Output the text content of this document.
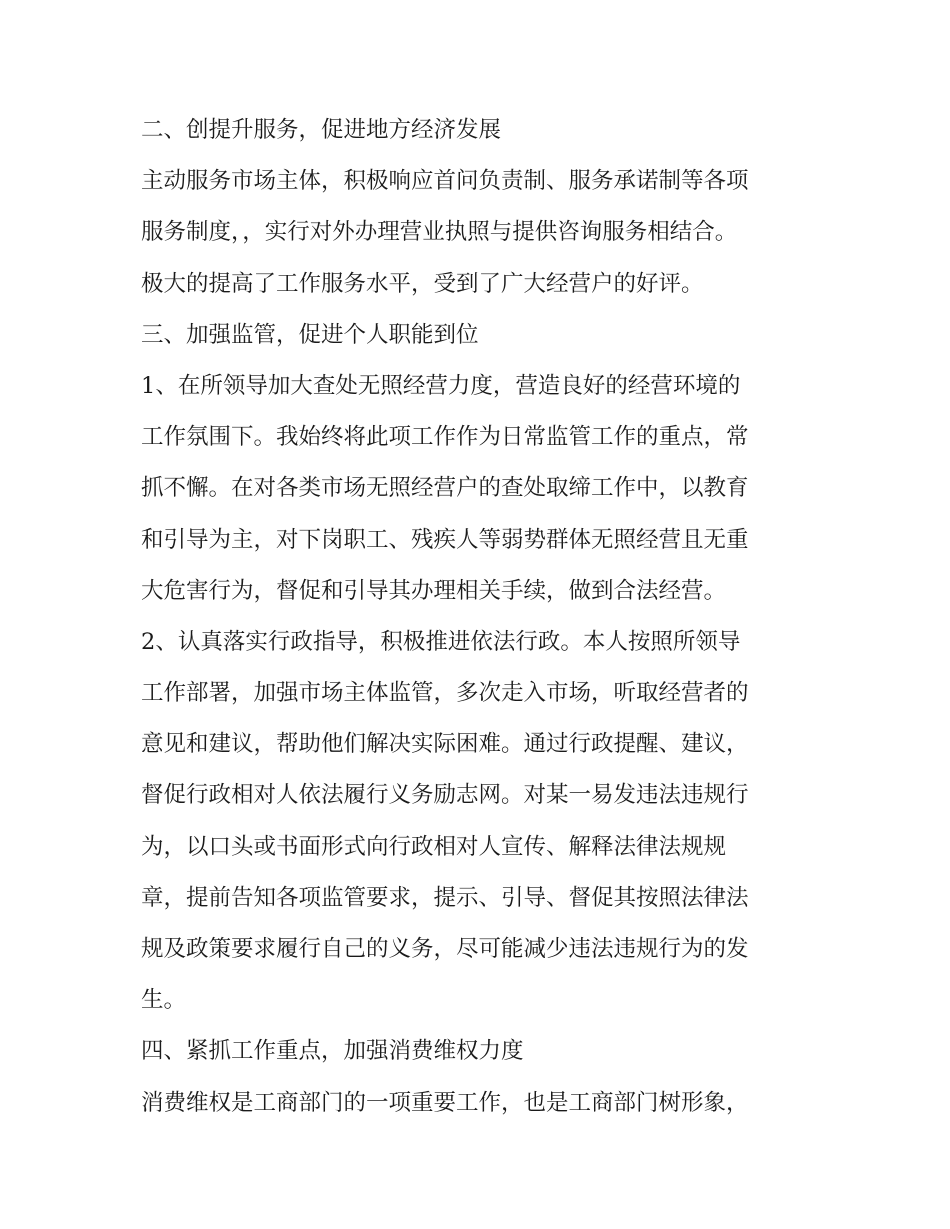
二、创提升服务，促进地方经济发展
主动服务市场主体，积极响应首问负责制、服务承诺制等各项
服务制度，，实行对外办理营业执照与提供咨询服务相结合。
极大的提高了工作服务水平，受到了广大经营户的好评。
三、加强监管，促进个人职能到位
1、在所领导加大查处无照经营力度，营造良好的经营环境的
工作氛围下。我始终将此项工作作为日常监管工作的重点，常
抓不懈。在对各类市场无照经营户的查处取缔工作中，以教育
和引导为主，对下岗职工、残疾人等弱势群体无照经营且无重
大危害行为，督促和引导其办理相关手续，做到合法经营。
2、认真落实行政指导，积极推进依法行政。本人按照所领导
工作部署，加强市场主体监管，多次走入市场，听取经营者的
意见和建议，帮助他们解决实际困难。通过行政提醒、建议，
督促行政相对人依法履行义务励志网。对某一易发违法违规行
为，以口头或书面形式向行政相对人宣传、解释法律法规规
章，提前告知各项监管要求，提示、引导、督促其按照法律法
规及政策要求履行自己的义务，尽可能减少违法违规行为的发
生。
四、紧抓工作重点，加强消费维权力度
消费维权是工商部门的一项重要工作，也是工商部门树形象，
